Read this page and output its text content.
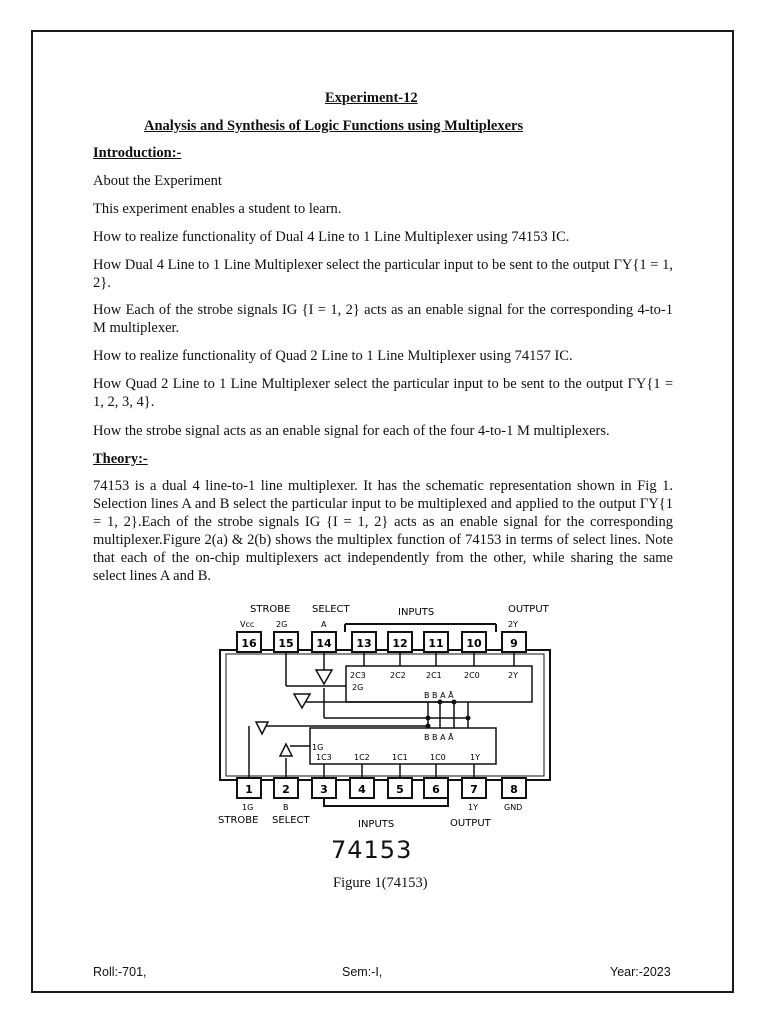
Experiment-12
Analysis and Synthesis of Logic Functions using Multiplexers
Introduction:-
About the Experiment
This experiment enables a student to learn.
How to realize functionality of Dual 4 Line to 1 Line Multiplexer using 74153 IC.
How Dual 4 Line to 1 Line Multiplexer select the particular input to be sent to the output ΓY{1 = 1, 2}.
How Each of the strobe signals IG {I = 1, 2} acts as an enable signal for the corresponding 4-to-1 M multiplexer.
How to realize functionality of Quad 2 Line to 1 Line Multiplexer using 74157 IC.
How Quad 2 Line to 1 Line Multiplexer select the particular input to be sent to the output ΓY{1 = 1, 2, 3, 4}.
How the strobe signal acts as an enable signal for each of the four 4-to-1 M multiplexers.
Theory:-
74153 is a dual 4 line-to-1 line multiplexer. It has the schematic representation shown in Fig 1. Selection lines A and B select the particular input to be multiplexed and applied to the output ΓY{1 = 1, 2}.Each of the strobe signals IG {I = 1, 2} acts as an enable signal for the corresponding multiplexer.Figure 2(a) & 2(b) shows the multiplex function of 74153 in terms of select lines. Note that each of the on-chip multiplexers act independently from the other, while sharing the same select lines A and B.
STROBE SELECT	INPUTS	OUTPUT
Vcc	2G	A	2Y
16 15 14 13 12 11 10	9
2C3	2C2	2C1	2C0	2Y
2G
B B A Ā
B B A Ā
1G
1C3	1C2	1C1	1C0	1Y
1	2	3	4	5	6	7	8
1G	B	1Y	GND
STROBE SELECT	INPUTS	OUTPUT
74153
Figure 1(74153)
Roll:-701,	Sem:-I,	Year:-2023
